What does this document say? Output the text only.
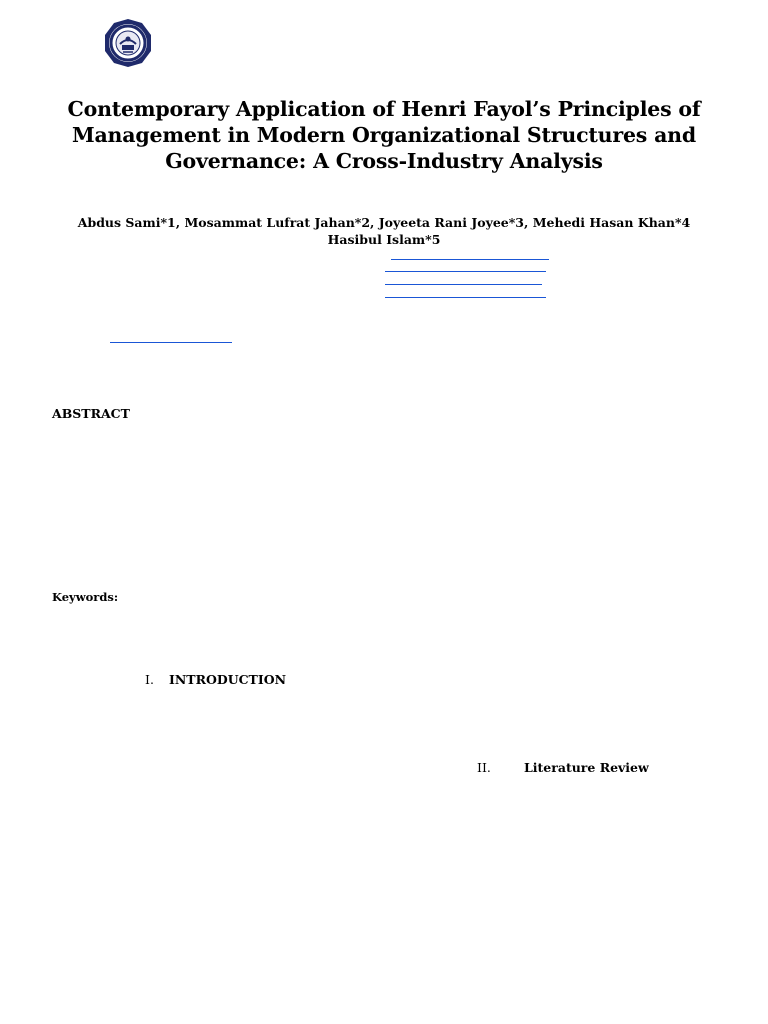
Contemporary Application of Henri Fayol’s Principles of
Management in Modern Organizational Structures and
Governance: A Cross-Industry Analysis
Abdus Sami*1, Mosammat Lufrat Jahan*2, Joyeeta Rani Joyee*3, Mehedi Hasan Khan*4
Hasibul Islam*5
ABSTRACT
Keywords:
I. INTRODUCTION
II.	Literature Review
